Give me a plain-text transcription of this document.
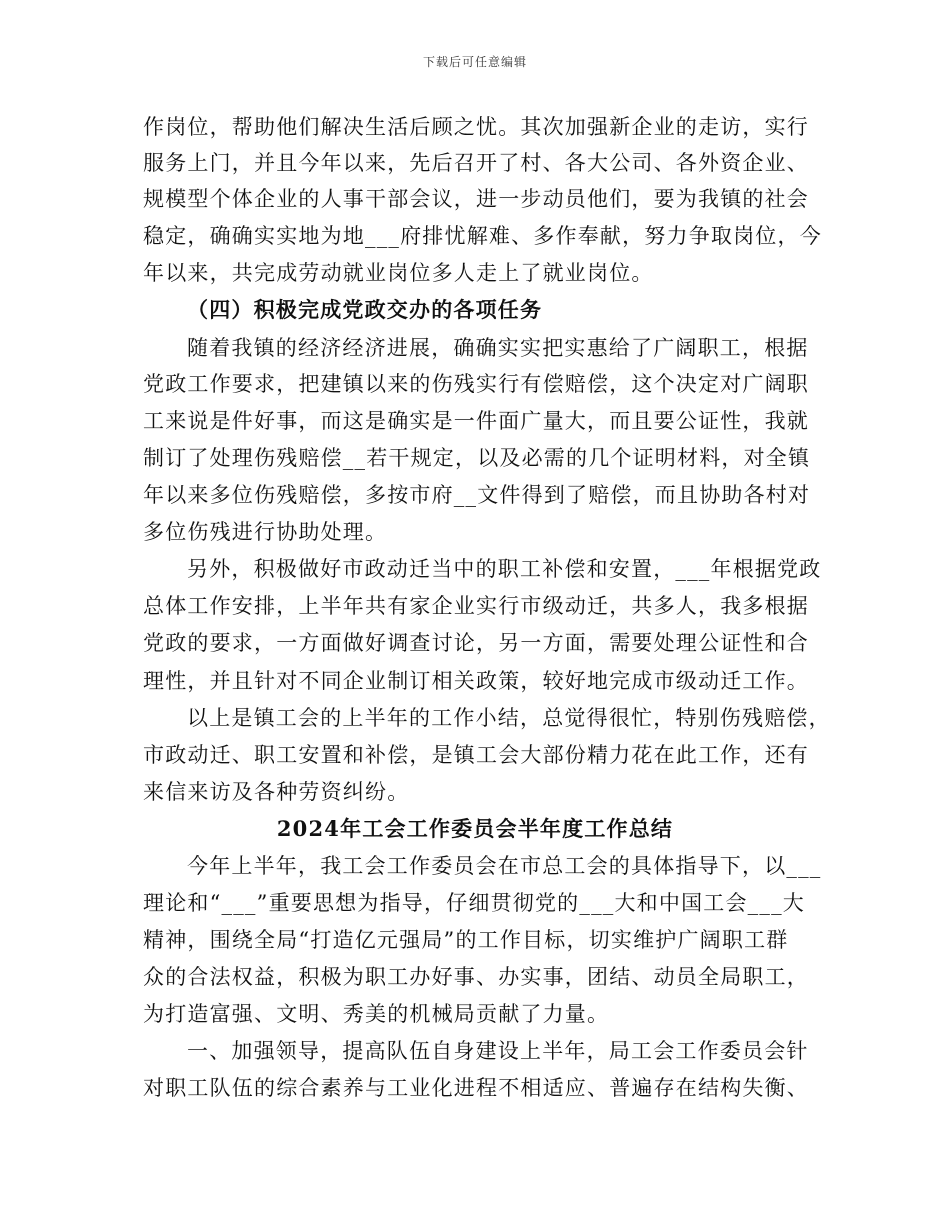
下载后可任意编辑
作岗位，帮助他们解决生活后顾之忧。其次加强新企业的走访，实行
服务上门，并且今年以来，先后召开了村、各大公司、各外资企业、
规模型个体企业的人事干部会议，进一步动员他们，要为我镇的社会
稳定，确确实实地为地___府排忧解难、多作奉献，努力争取岗位，今
年以来，共完成劳动就业岗位多人走上了就业岗位。
（四）积极完成党政交办的各项任务
随着我镇的经济经济进展，确确实实把实惠给了广阔职工，根据
党政工作要求，把建镇以来的伤残实行有偿赔偿，这个决定对广阔职
工来说是件好事，而这是确实是一件面广量大，而且要公证性，我就
制订了处理伤残赔偿__若干规定，以及必需的几个证明材料，对全镇
年以来多位伤残赔偿，多按市府__文件得到了赔偿，而且协助各村对
多位伤残进行协助处理。
另外，积极做好市政动迁当中的职工补偿和安置，___年根据党政
总体工作安排，上半年共有家企业实行市级动迁，共多人，我多根据
党政的要求，一方面做好调查讨论，另一方面，需要处理公证性和合
理性，并且针对不同企业制订相关政策，较好地完成市级动迁工作。
以上是镇工会的上半年的工作小结，总觉得很忙，特别伤残赔偿，
市政动迁、职工安置和补偿，是镇工会大部份精力花在此工作，还有
来信来访及各种劳资纠纷。
2024年工会工作委员会半年度工作总结
今年上半年，我工会工作委员会在市总工会的具体指导下，以___
理论和“___”重要思想为指导，仔细贯彻党的___大和中国工会___大
精神，围绕全局“打造亿元强局”的工作目标，切实维护广阔职工群
众的合法权益，积极为职工办好事、办实事，团结、动员全局职工，
为打造富强、文明、秀美的机械局贡献了力量。
一、加强领导，提高队伍自身建设上半年，局工会工作委员会针
对职工队伍的综合素养与工业化进程不相适应、普遍存在结构失衡、
